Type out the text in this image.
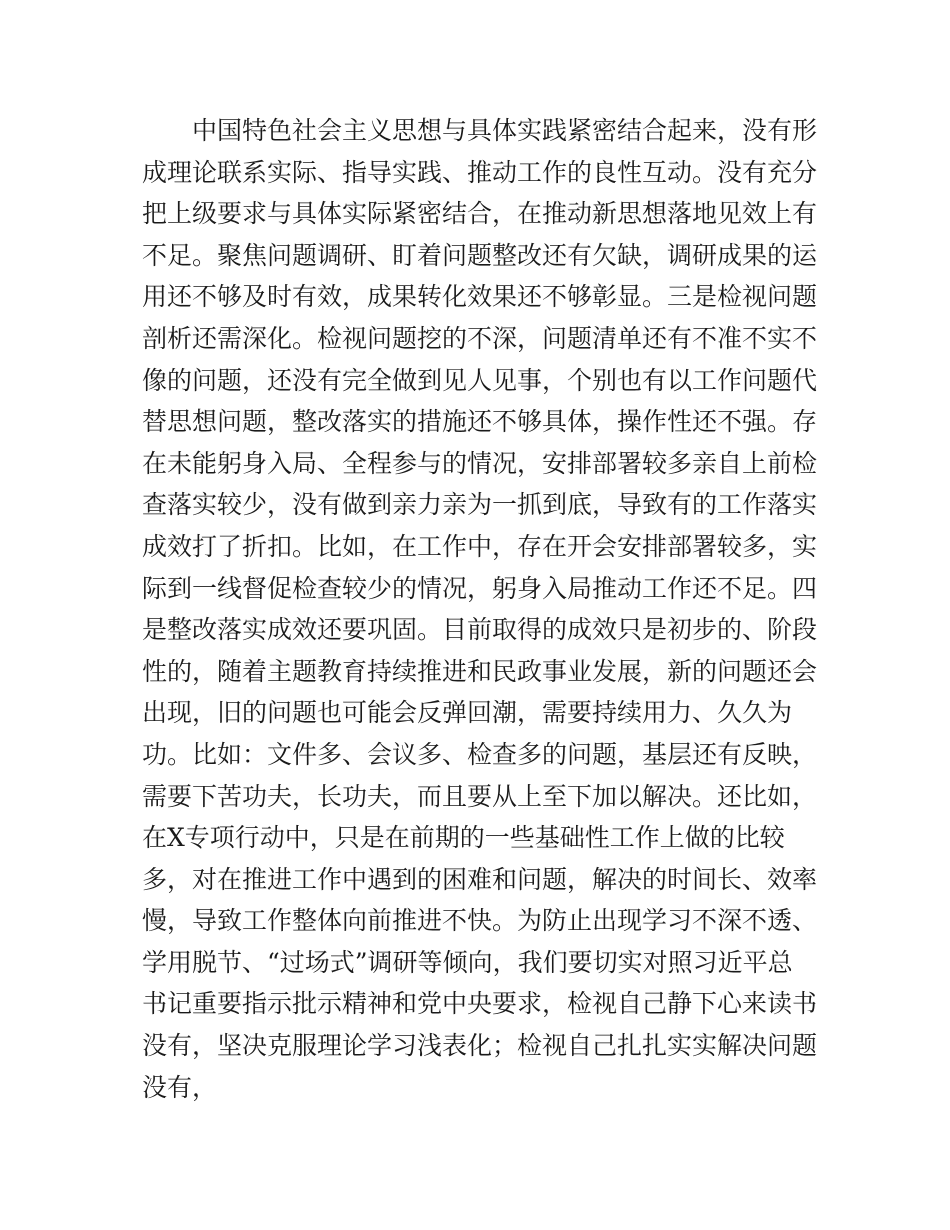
中国特色社会主义思想与具体实践紧密结合起来，没有形
成理论联系实际、指导实践、推动工作的良性互动。没有充分
把上级要求与具体实际紧密结合，在推动新思想落地见效上有
不足。聚焦问题调研、盯着问题整改还有欠缺，调研成果的运
用还不够及时有效，成果转化效果还不够彰显。三是检视问题
剖析还需深化。检视问题挖的不深，问题清单还有不准不实不
像的问题，还没有完全做到见人见事，个别也有以工作问题代
替思想问题，整改落实的措施还不够具体，操作性还不强。存
在未能躬身入局、全程参与的情况，安排部署较多亲自上前检
查落实较少，没有做到亲力亲为一抓到底，导致有的工作落实
成效打了折扣。比如，在工作中，存在开会安排部署较多，实
际到一线督促检查较少的情况，躬身入局推动工作还不足。四
是整改落实成效还要巩固。目前取得的成效只是初步的、阶段
性的，随着主题教育持续推进和民政事业发展，新的问题还会
出现，旧的问题也可能会反弹回潮，需要持续用力、久久为
功。比如：文件多、会议多、检查多的问题，基层还有反映，
需要下苦功夫，长功夫，而且要从上至下加以解决。还比如，
在X专项行动中，只是在前期的一些基础性工作上做的比较
多，对在推进工作中遇到的困难和问题，解决的时间长、效率
慢，导致工作整体向前推进不快。为防止出现学习不深不透、
学用脱节、“过场式”调研等倾向，我们要切实对照习近平总
书记重要指示批示精神和党中央要求，检视自己静下心来读书
没有，坚决克服理论学习浅表化；检视自己扎扎实实解决问题
没有，
